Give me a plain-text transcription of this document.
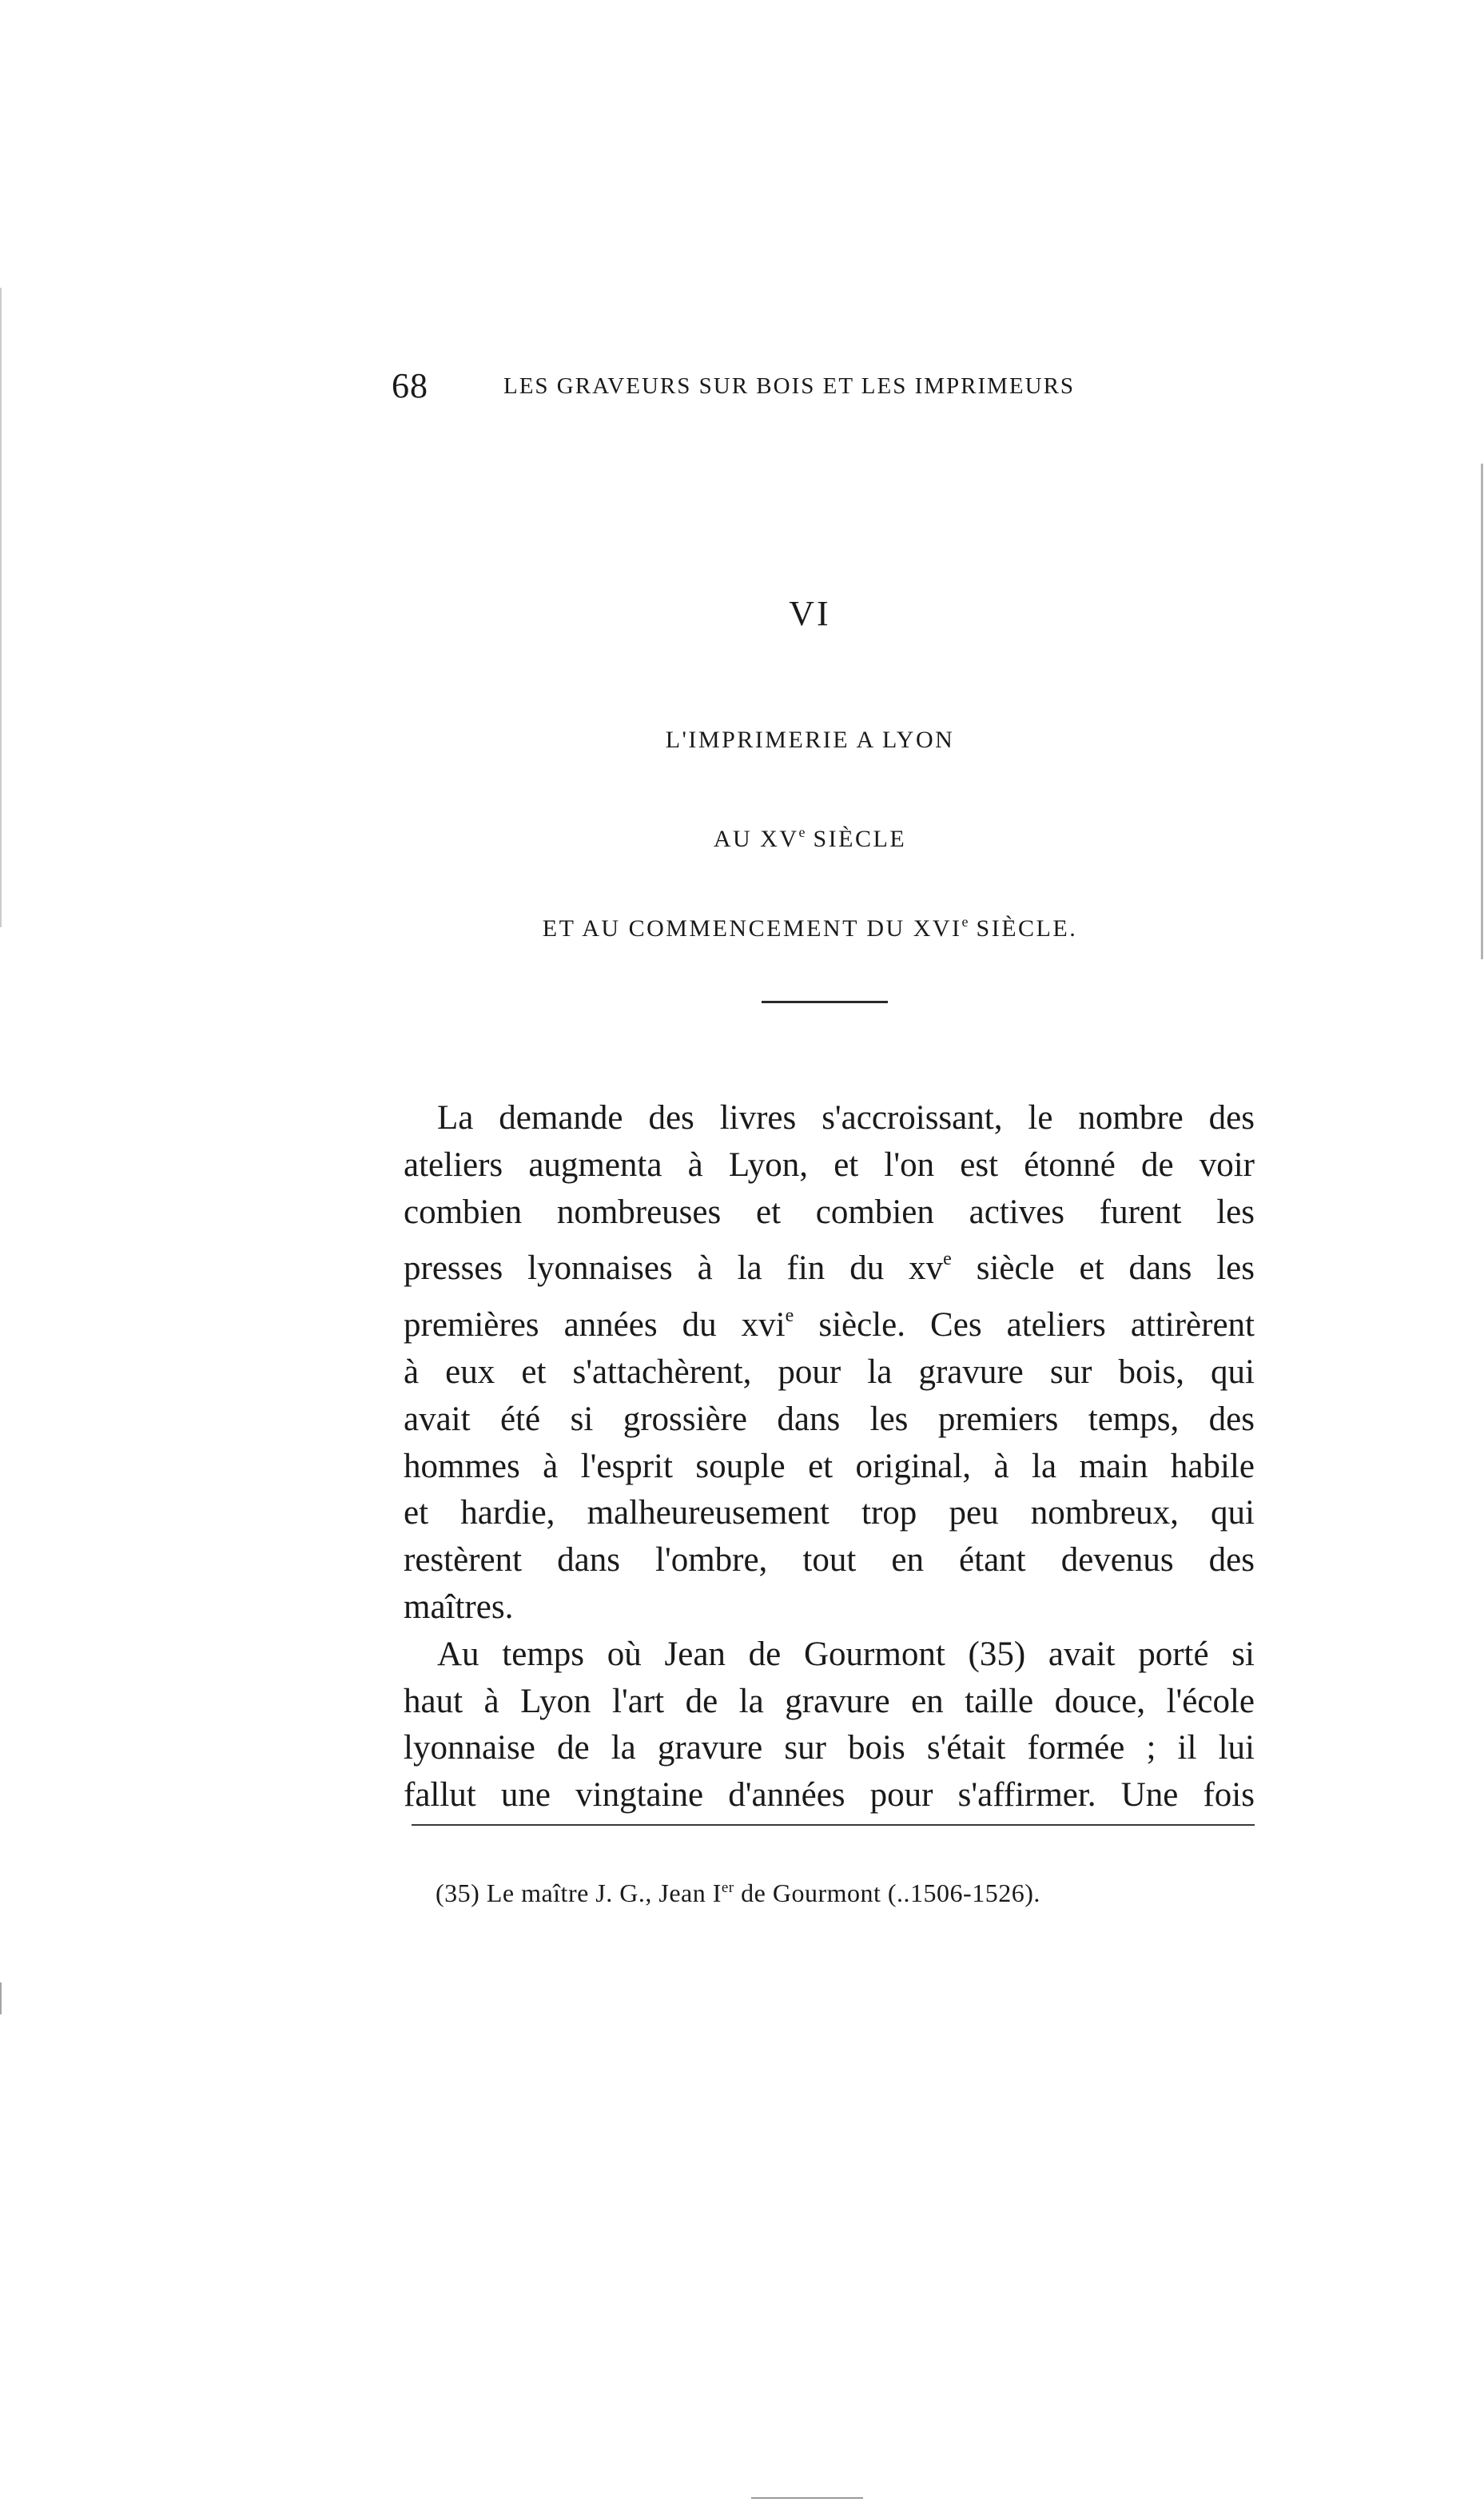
68	LES GRAVEURS SUR BOIS ET LES IMPRIMEURS
VI
L'IMPRIMERIE A LYON
AU XVe SIÈCLE
ET AU COMMENCEMENT DU XVIe SIÈCLE.
La demande des livres s'accroissant, le nombre des
ateliers augmenta à Lyon, et l'on est étonné de voir
combien nombreuses et combien actives furent les
presses lyonnaises à la fin du $xv^e$ siècle et dans les
premières années du xvi$^e$ siècle. Ces ateliers attirèrent
à eux et s'attachèrent, pour la gravure sur bois, qui
avait été si grossière dans les premiers temps, des
hommes à l'esprit souple et original, à la main habile
et hardie, malheureusement trop peu nombreux, qui
restèrent dans l'ombre, tout en étant devenus des
maîtres.
Au temps où Jean de Gourmont (35) avait porté si
haut à Lyon l'art de la gravure en taille douce, l'école
lyonnaise de la gravure sur bois s'était formée ; il lui
fallut une vingtaine d'années pour s'affirmer. Une fois
(35) Le maître J. G., Jean Ier de Gourmont (..1506-1526).
